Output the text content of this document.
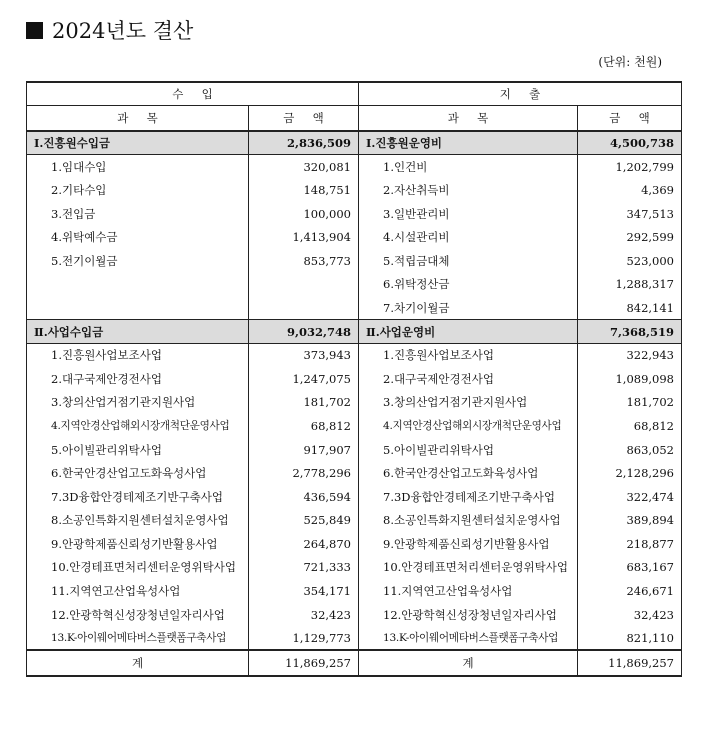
2024년도 결산
(단위: 천원)
수     입		지     출	
과     목	금     액	과     목	금     액
Ⅰ.진흥원수입금	2,836,509	Ⅰ.진흥원운영비	4,500,738
1.임대수입	320,081	1.인건비	1,202,799
2.기타수입	148,751	2.자산취득비	4,369
3.전입금	100,000	3.일반관리비	347,513
4.위탁예수금	1,413,904	4.시설관리비	292,599
5.전기이월금	853,773	5.적립금대체	523,000
		6.위탁정산금	1,288,317
		7.차기이월금	842,141
Ⅱ.사업수입금	9,032,748	Ⅱ.사업운영비	7,368,519
1.진흥원사업보조사업	373,943	1.진흥원사업보조사업	322,943
2.대구국제안경전사업	1,247,075	2.대구국제안경전사업	1,089,098
3.창의산업거점기관지원사업	181,702	3.창의산업거점기관지원사업	181,702
4.지역안경산업해외시장개척단운영사업	68,812	4.지역안경산업해외시장개척단운영사업	68,812
5.아이빌관리위탁사업	917,907	5.아이빌관리위탁사업	863,052
6.한국안경산업고도화육성사업	2,778,296	6.한국안경산업고도화육성사업	2,128,296
7.3D융합안경테제조기반구축사업	436,594	7.3D융합안경테제조기반구축사업	322,474
8.소공인특화지원센터설치운영사업	525,849	8.소공인특화지원센터설치운영사업	389,894
9.안광학제품신뢰성기반활용사업	264,870	9.안광학제품신뢰성기반활용사업	218,877
10.안경테표면처리센터운영위탁사업	721,333	10.안경테표면처리센터운영위탁사업	683,167
11.지역연고산업육성사업	354,171	11.지역연고산업육성사업	246,671
12.안광학혁신성장청년일자리사업	32,423	12.안광학혁신성장청년일자리사업	32,423
13.K-아이웨어메타버스플랫폼구축사업	1,129,773	13.K-아이웨어메타버스플랫폼구축사업	821,110
계	11,869,257	계	11,869,257
